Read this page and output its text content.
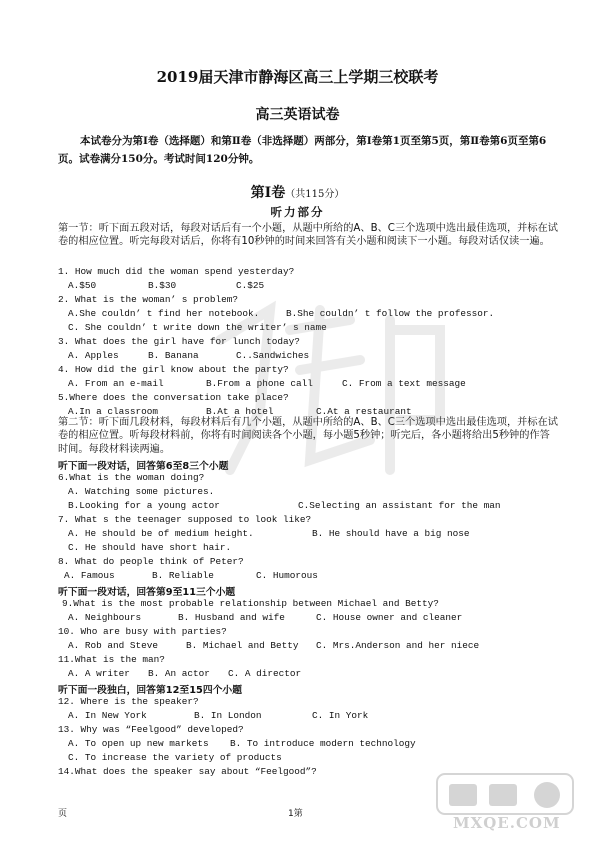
2019届天津市静海区高三上学期三校联考
高三英语试卷
本试卷分为第Ⅰ卷（选择题）和第Ⅱ卷（非选择题）两部分，第Ⅰ卷第1页至第5页，第Ⅱ卷第6页至第6页。试卷满分150分。考试时间120分钟。
第Ⅰ卷（共115分）
听力部分
第一节：听下面五段对话，每段对话后有一个小题，从题中所给的A、B、C三个选项中选出最佳选项，并标在试卷的相应位置。听完每段对话后，你将有10秒钟的时间来回答有关小题和阅读下一小题。每段对话仅读一遍。
第二节：听下面几段材料，每段材料后有几个小题，从题中所给的A、B、C三个选项中选出最佳选项，并标在试卷的相应位置。听每段材料前，你将有时间阅读各个小题，每小题5秒钟；听完后，各小题将给出5秒钟的作答时间。每段材料读两遍。
1. How much did the woman spend yesterday?
A.$50	B.$30	C.$25
2. What is the woman’ s problem?
A.She couldn’ t find her notebook.	B.She couldn’ t follow the professor.
C. She couldn’ t write down the writer’ s name
3. What does the girl have for lunch today?
A. Apples	B. Banana	C..Sandwiches
4. How did the girl know about the party?
A. From an e-mail	B.From a phone call	C. From a text message
5.Where does the conversation take place?
A.In a classroom	B.At a hotel	C.At a restaurant
6.What is the woman doing?
A. Watching some pictures.
B.Looking for a young actor	C.Selecting an assistant for the man
7. What s the teenager supposed to look like?
A. He should be of medium height.	B. He should have a big nose
C. He should have short hair.
8. What do people think of Peter?
A. Famous	B. Reliable	C. Humorous
9.What is the most probable relationship between Michael and Betty?
A. Neighbours	B. Husband and wife	C. House owner and cleaner
10. Who are busy with parties?
A. Rob and Steve	B. Michael and Betty C. Mrs.Anderson and her niece
11.What is the man?
A. A writer B. An actor C. A director
12. Where is the speaker?
A. In New York	B. In London	C. In York
13. Why was “Feelgood” developed?
A. To open up new markets B. To introduce modern technology
C. To increase the variety of products
14.What does the speaker say about “Feelgood”?
听下面一段对话，回答第6至8三个小题
听下面一段对话，回答第9至11三个小题
听下面一段独白，回答第12至15四个小题
页	1第	MXQE.COM
